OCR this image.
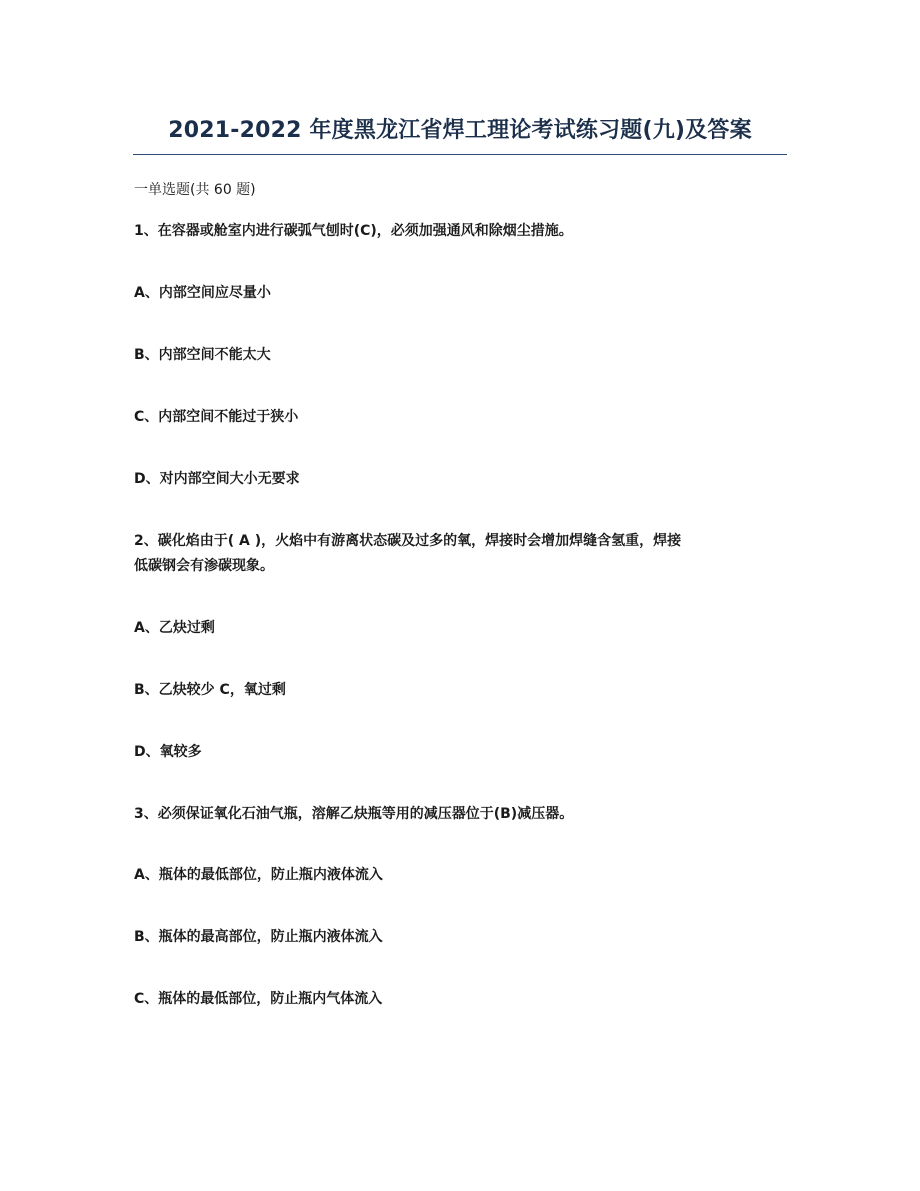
2021-2022 年度黑龙江省焊工理论考试练习题(九)及答案
一单选题(共 60 题)
1、在容器或舱室内进行碳弧气刨时(C)，必须加强通风和除烟尘措施。
A、内部空间应尽量小
B、内部空间不能太大
C、内部空间不能过于狭小
D、对内部空间大小无要求
2、碳化焰由于( A )，火焰中有游离状态碳及过多的氧，焊接时会增加焊缝含氢重，焊接
低碳钢会有渗碳现象。
A、乙炔过剩
B、乙炔较少 C，氧过剩
D、氧较多
3、必须保证氧化石油气瓶，溶解乙炔瓶等用的减压器位于(B)减压器。
A、瓶体的最低部位，防止瓶内液体流入
B、瓶体的最高部位，防止瓶内液体流入
C、瓶体的最低部位，防止瓶内气体流入
